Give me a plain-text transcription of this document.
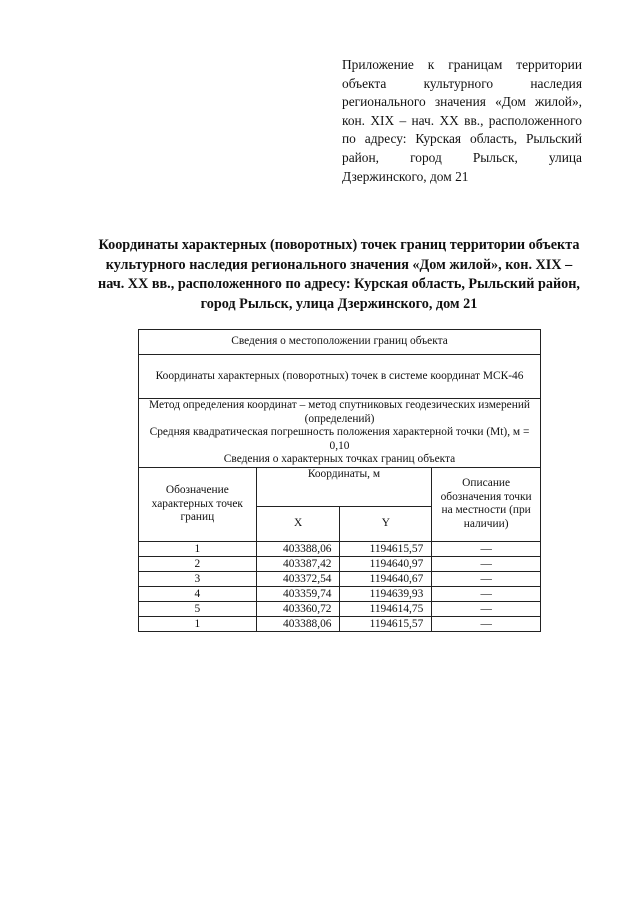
Приложение к границам территории объекта культурного наследия регионального значения «Дом жилой», кон. XIX – нач. XX вв., расположенного по адресу: Курская область, Рыльский район, город Рыльск, улица Дзержинского, дом 21
Координаты характерных (поворотных) точек границ территории объекта культурного наследия регионального значения «Дом жилой», кон. XIX – нач. XX вв., расположенного по адресу: Курская область, Рыльский район, город Рыльск, улица Дзержинского, дом 21
Сведения о местоположении границ объекта			
Координаты характерных (поворотных) точек в системе координат МСК-46			

Метод определения координат – метод спутниковых геодезических измерений (определений)
Средняя квадратическая погрешность положения характерной точки (Mt), м = 0,10
Сведения о характерных точках границ объекта			

Обозначение характерных точек границ	Координаты, м		Описание обозначения точки на местности (при наличии)
	X	Y	
1	403388,06	1194615,57	—
2	403387,42	1194640,97	—
3	403372,54	1194640,67	—
4	403359,74	1194639,93	—
5	403360,72	1194614,75	—
1	403388,06	1194615,57	—
